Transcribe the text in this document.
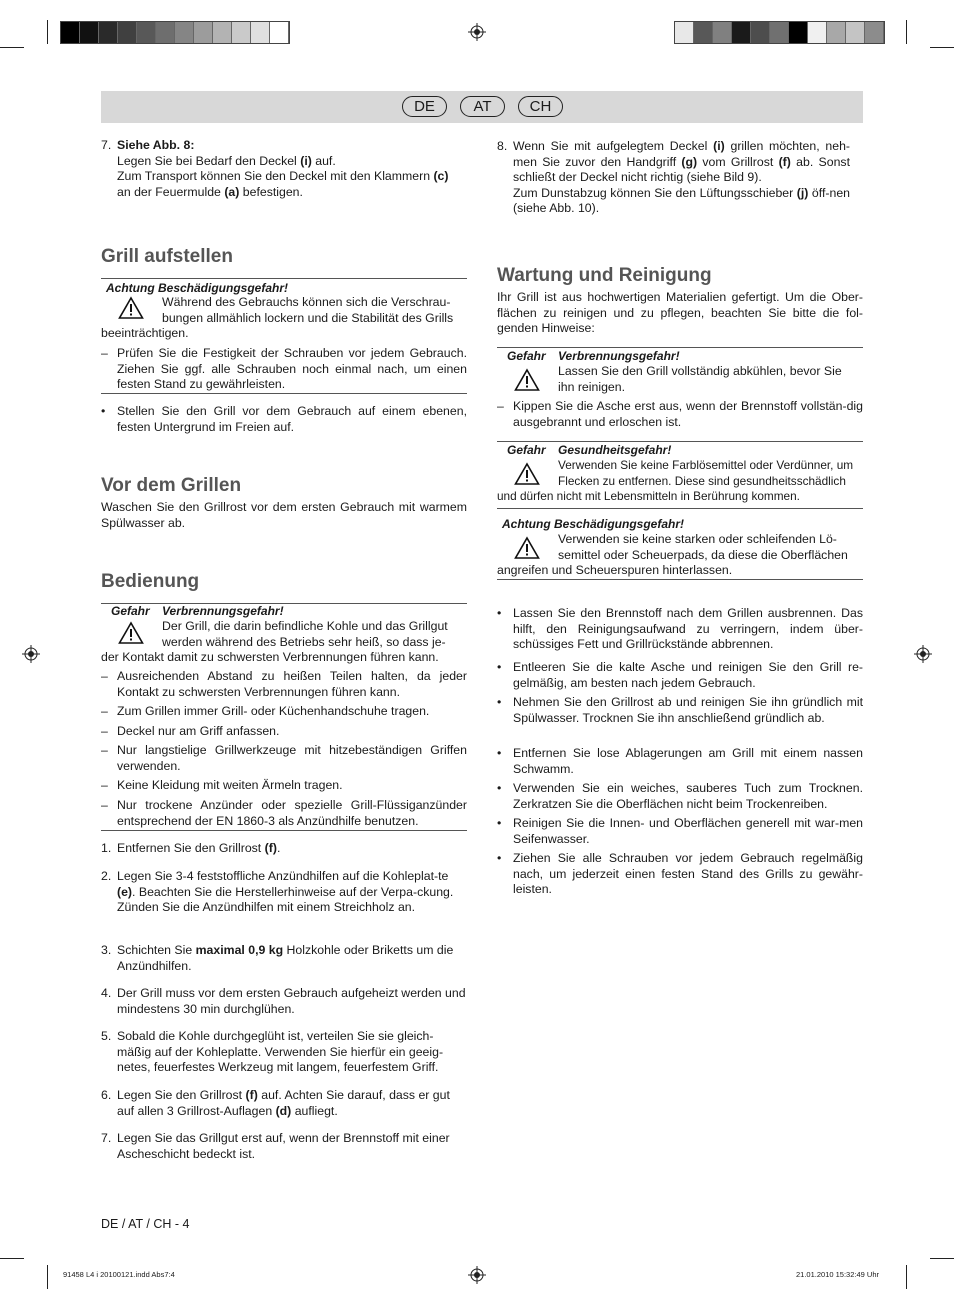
91458 L4 i 20100121.indd Abs7:4	21.01.2010 15:32:49 Uhr
DE	AT	CH
7. Siehe Abb. 8:
Legen Sie bei Bedarf den Deckel (i) auf.
Zum Transport können Sie den Deckel mit den Klammern (c)
an der Feuermulde (a) befestigen.
Grill aufstellen
Achtung Beschädigungsgefahr!
Während des Gebrauchs können sich die Verschrau-
bungen allmählich lockern und die Stabilität des Grills
beeinträchtigen.
– Prüfen Sie die Festigkeit der Schrauben vor jedem Gebrauch. Ziehen Sie ggf. alle Schrauben noch einmal nach, um einen festen Stand zu gewährleisten.
• Stellen Sie den Grill vor dem Gebrauch auf einem ebenen, festen Untergrund im Freien auf.
Vor dem Grillen
Waschen Sie den Grillrost vor dem ersten Gebrauch mit warmem Spülwasser ab.
Bedienung
Gefahr Verbrennungsgefahr!
Der Grill, die darin befindliche Kohle und das Grillgut
werden während des Betriebs sehr heiß, so dass je-
der Kontakt damit zu schwersten Verbrennungen führen kann.
– Ausreichenden Abstand zu heißen Teilen halten, da jeder Kontakt zu schwersten Verbrennungen führen kann.
– Zum Grillen immer Grill- oder Küchenhandschuhe tragen.
– Deckel nur am Griff anfassen.
– Nur langstielige Grillwerkzeuge mit hitzebeständigen Griffen verwenden.
– Keine Kleidung mit weiten Ärmeln tragen.
– Nur trockene Anzünder oder spezielle Grill-Flüssiganzünder entsprechend der EN 1860-3 als Anzündhilfe benutzen.
1. Entfernen Sie den Grillrost (f).
2. Legen Sie 3-4 feststoffliche Anzündhilfen auf die Kohleplat-te (e). Beachten Sie die Herstellerhinweise auf der Verpa-ckung. Zünden Sie die Anzündhilfen mit einem Streichholz an.
3. Schichten Sie maximal 0,9 kg Holzkohle oder Briketts um die Anzündhilfen.
4. Der Grill muss vor dem ersten Gebrauch aufgeheizt werden und mindestens 30 min durchglühen.
5. Sobald die Kohle durchgeglüht ist, verteilen Sie sie gleich-mäßig auf der Kohleplatte. Verwenden Sie hierfür ein geeig-netes, feuerfestes Werkzeug mit langem, feuerfestem Griff.
6. Legen Sie den Grillrost (f) auf. Achten Sie darauf, dass er gut auf allen 3 Grillrost-Auflagen (d) aufliegt.
7. Legen Sie das Grillgut erst auf, wenn der Brennstoff mit einer Ascheschicht bedeckt ist.
DE / AT / CH - 4
8. Wenn Sie mit aufgelegtem Deckel (i) grillen möchten, neh-men Sie zuvor den Handgriff (g) vom Grillrost (f) ab. Sonst schließt der Deckel nicht richtig (siehe Bild 9).
Zum Dunstabzug können Sie den Lüftungsschieber (j) öff-nen (siehe Abb. 10).
Wartung und Reinigung
Ihr Grill ist aus hochwertigen Materialien gefertigt. Um die Ober-flächen zu reinigen und zu pflegen, beachten Sie bitte die fol-genden Hinweise:
Gefahr Verbrennungsgefahr!
Lassen Sie den Grill vollständig abkühlen, bevor Sie
ihn reinigen.
– Kippen Sie die Asche erst aus, wenn der Brennstoff vollstän-dig ausgebrannt und erloschen ist.
Gefahr Gesundheitsgefahr!
Verwenden Sie keine Farblösemittel oder Verdünner, um
Flecken zu entfernen. Diese sind gesundheitsschädlich
und dürfen nicht mit Lebensmitteln in Berührung kommen.
Achtung Beschädigungsgefahr!
Verwenden sie keine starken oder schleifenden Lö-
semittel oder Scheuerpads, da diese die Oberflächen
angreifen und Scheuerspuren hinterlassen.
• Lassen Sie den Brennstoff nach dem Grillen ausbrennen. Das hilft, den Reinigungsaufwand zu verringern, indem über-schüssiges Fett und Grillrückstände abbrennen.
• Entleeren Sie die kalte Asche und reinigen Sie den Grill re-gelmäßig, am besten nach jedem Gebrauch.
• Nehmen Sie den Grillrost ab und reinigen Sie ihn gründlich mit Spülwasser. Trocknen Sie ihn anschließend gründlich ab.
• Entfernen Sie lose Ablagerungen am Grill mit einem nassen Schwamm.
• Verwenden Sie ein weiches, sauberes Tuch zum Trocknen. Zerkratzen Sie die Oberflächen nicht beim Trockenreiben.
• Reinigen Sie die Innen- und Oberflächen generell mit war-men Seifenwasser.
• Ziehen Sie alle Schrauben vor jedem Gebrauch regelmäßig nach, um jederzeit einen festen Stand des Grills zu gewähr-leisten.
